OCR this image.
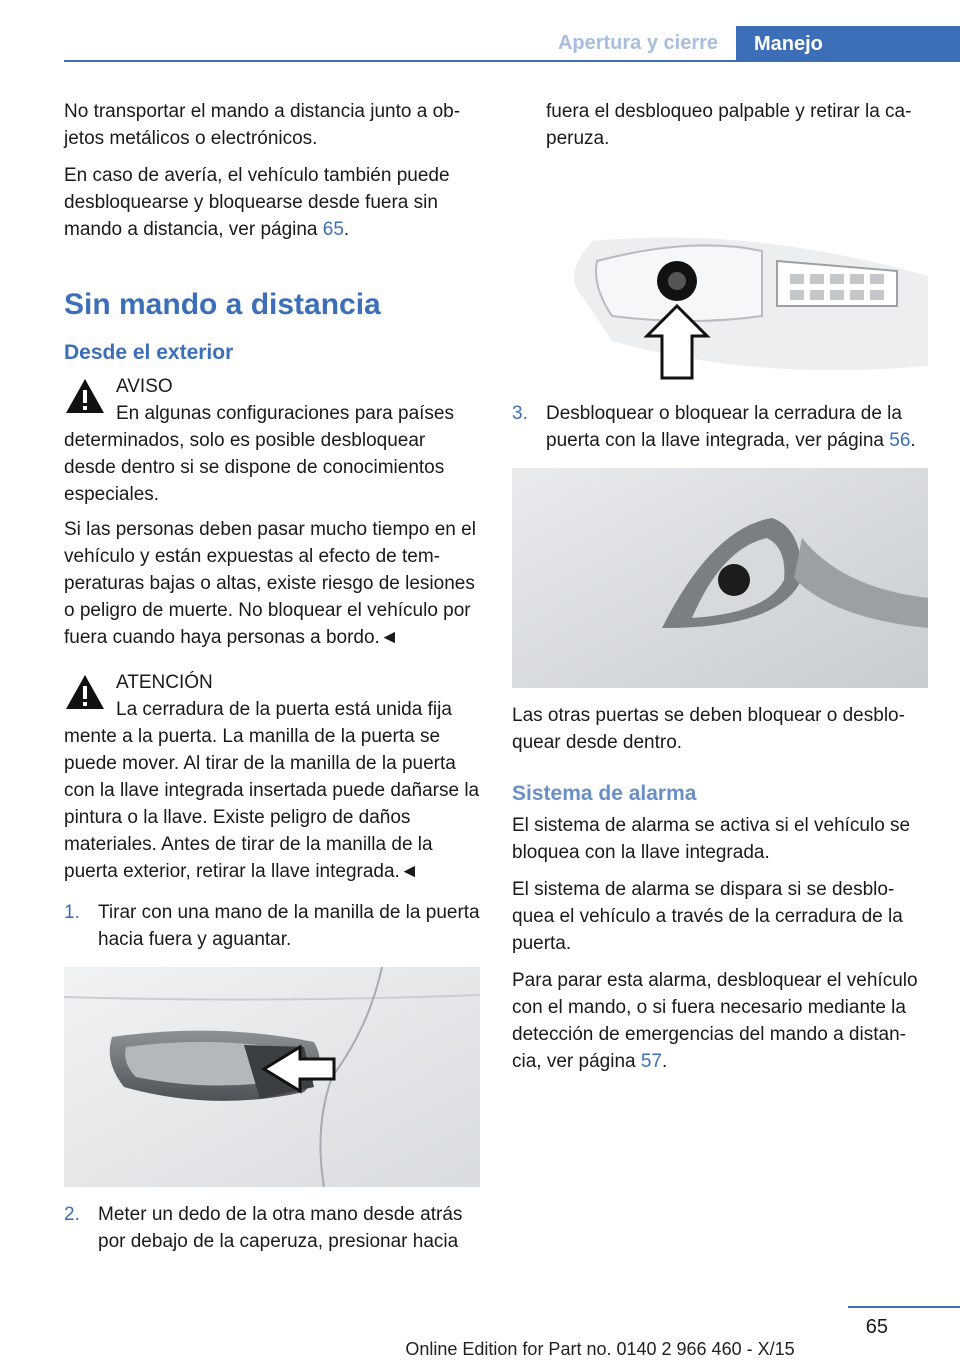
Apertura y cierre	Manejo

No transportar el mando a distancia junto a objetos metálicos o electrónicos.

En caso de avería, el vehículo también puede desbloquearse y bloquearse desde fuera sin mando a distancia, ver página 65.

Sin mando a distancia
Desde el exterior
AVISO
En algunas configuraciones para países
determinados, solo es posible desbloquear desde dentro si se dispone de conocimientos especiales.

Si las personas deben pasar mucho tiempo en el vehículo y están expuestas al efecto de temperaturas bajas o altas, existe riesgo de lesiones o peligro de muerte. No bloquear el vehículo por fuera cuando haya personas a bordo.◄

ATENCIÓN
La cerradura de la puerta está unida fija
mente a la puerta. La manilla de la puerta se puede mover. Al tirar de la manilla de la puerta con la llave integrada insertada puede dañarse la pintura o la llave. Existe peligro de daños materiales. Antes de tirar de la manilla de la puerta exterior, retirar la llave integrada.◄
1. Tirar con una mano de la manilla de la puerta hacia fuera y aguantar.
2. Meter un dedo de la otra mano desde atrás por debajo de la caperuza, presionar hacia
fuera el desbloqueo palpable y retirar la caperuza.
3. Desbloquear o bloquear la cerradura de la puerta con la llave integrada, ver página 56.

Las otras puertas se deben bloquear o desbloquear desde dentro.

Sistema de alarma

El sistema de alarma se activa si el vehículo se bloquea con la llave integrada.

El sistema de alarma se dispara si se desbloquea el vehículo a través de la cerradura de la puerta.

Para parar esta alarma, desbloquear el vehículo con el mando, o si fuera necesario mediante la detección de emergencias del mando a distancia, ver página 57.

65
Online Edition for Part no. 0140 2 966 460 - X/15
